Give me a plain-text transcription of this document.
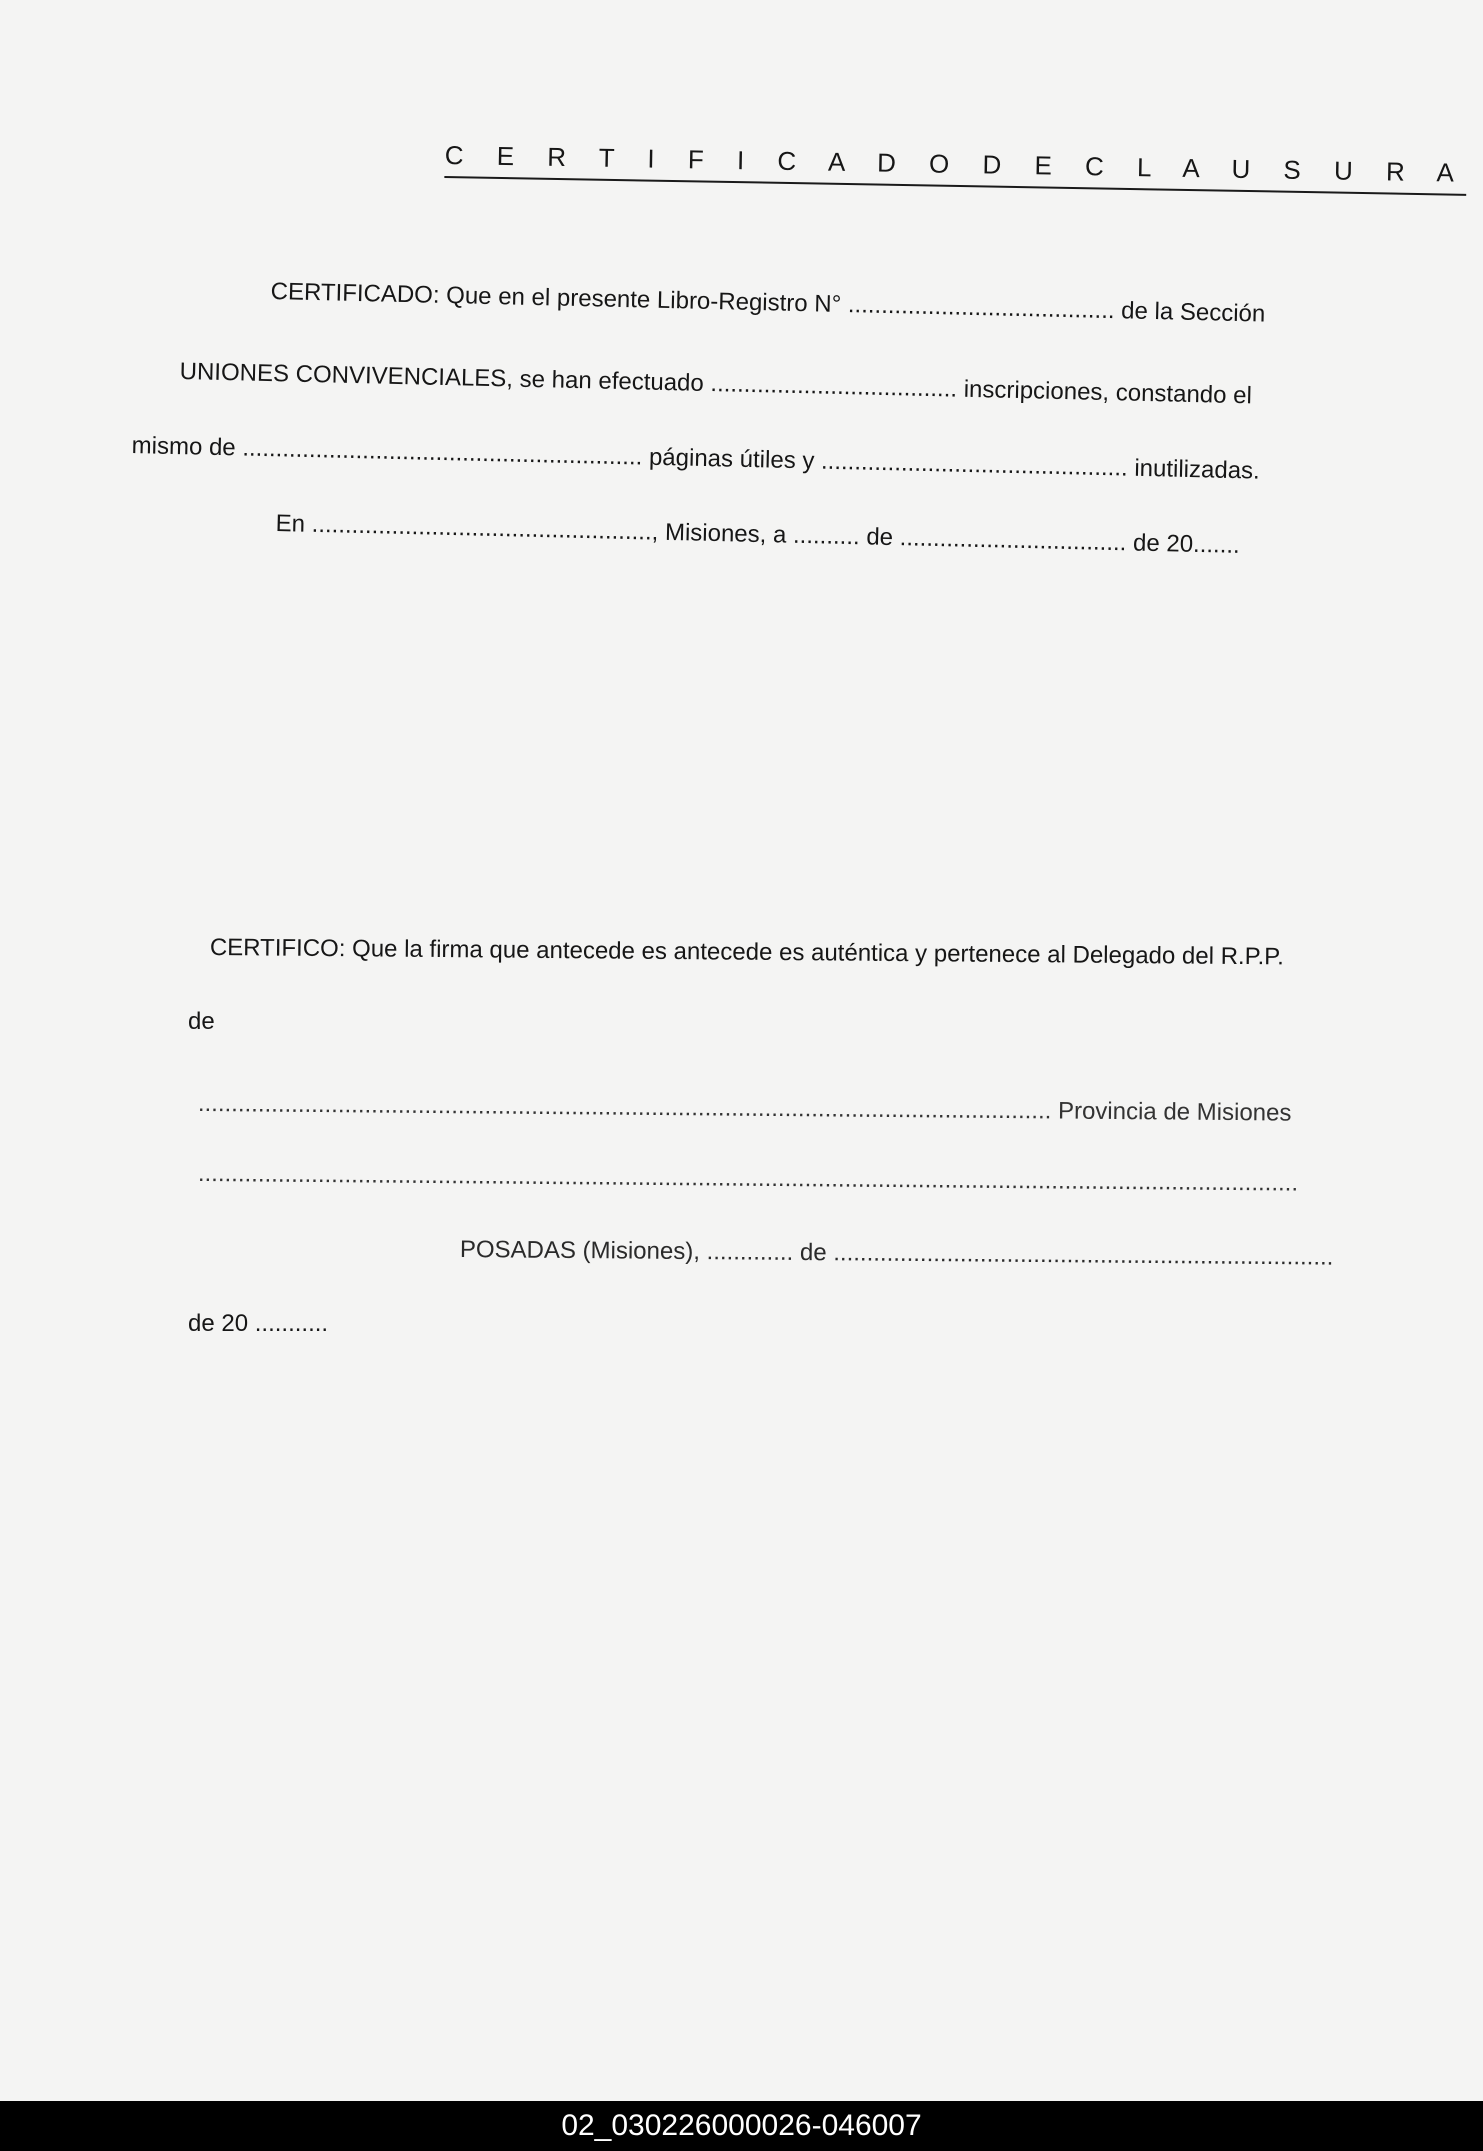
C E R T I F I C A D O D E C L A U S U R A
CERTIFICADO: Que en el presente Libro-Registro N° ........................................ de la Sección
UNIONES CONVIVENCIALES, se han efectuado ..................................... inscripciones, constando el
mismo de ............................................................ páginas útiles y .............................................. inutilizadas.
En ..................................................., Misiones, a .......... de .................................. de 20.......
CERTIFICO: Que la firma que antecede es antecede es auténtica y pertenece al Delegado del R.P.P.
de
................................................................................................................................ Provincia de Misiones
.....................................................................................................................................................................
POSADAS (Misiones), ............. de ...........................................................................
de 20 ...........
02_030226000026-046007
